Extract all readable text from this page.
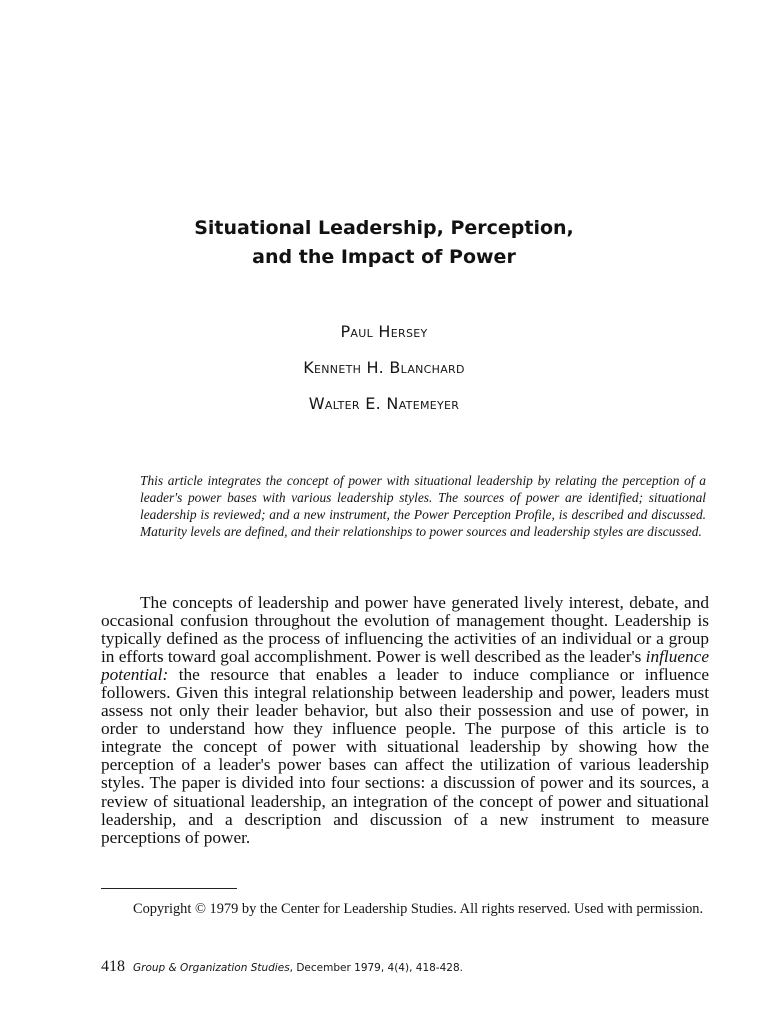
Situational Leadership, Perception,
and the Impact of Power
Paul Hersey
Kenneth H. Blanchard
Walter E. Natemeyer

This article integrates the concept of power with situational leadership by relating the perception of a leader's power bases with various leadership styles. The sources of power are identified; situational leadership is reviewed; and a new instrument, the Power Perception Profile, is described and discussed. Maturity levels are defined, and their relationships to power sources and leadership styles are discussed.

The concepts of leadership and power have generated lively interest, debate, and occasional confusion throughout the evolution of management thought. Leadership is typically defined as the process of influencing the activities of an individual or a group in efforts toward goal accomplishment. Power is well described as the leader's influence potential: the resource that enables a leader to induce compliance or influence followers. Given this integral relationship between leadership and power, leaders must assess not only their leader behavior, but also their possession and use of power, in order to understand how they influence people. The purpose of this article is to integrate the concept of power with situational leadership by showing how the perception of a leader's power bases can affect the utilization of various leadership styles. The paper is divided into four sections: a discussion of power and its sources, a review of situational leadership, an integration of the concept of power and situational leadership, and a description and discussion of a new instrument to measure perceptions of power.

Copyright © 1979 by the Center for Leadership Studies. All rights reserved. Used with permission.

418 Group & Organization Studies, December 1979, 4(4), 418-428.
